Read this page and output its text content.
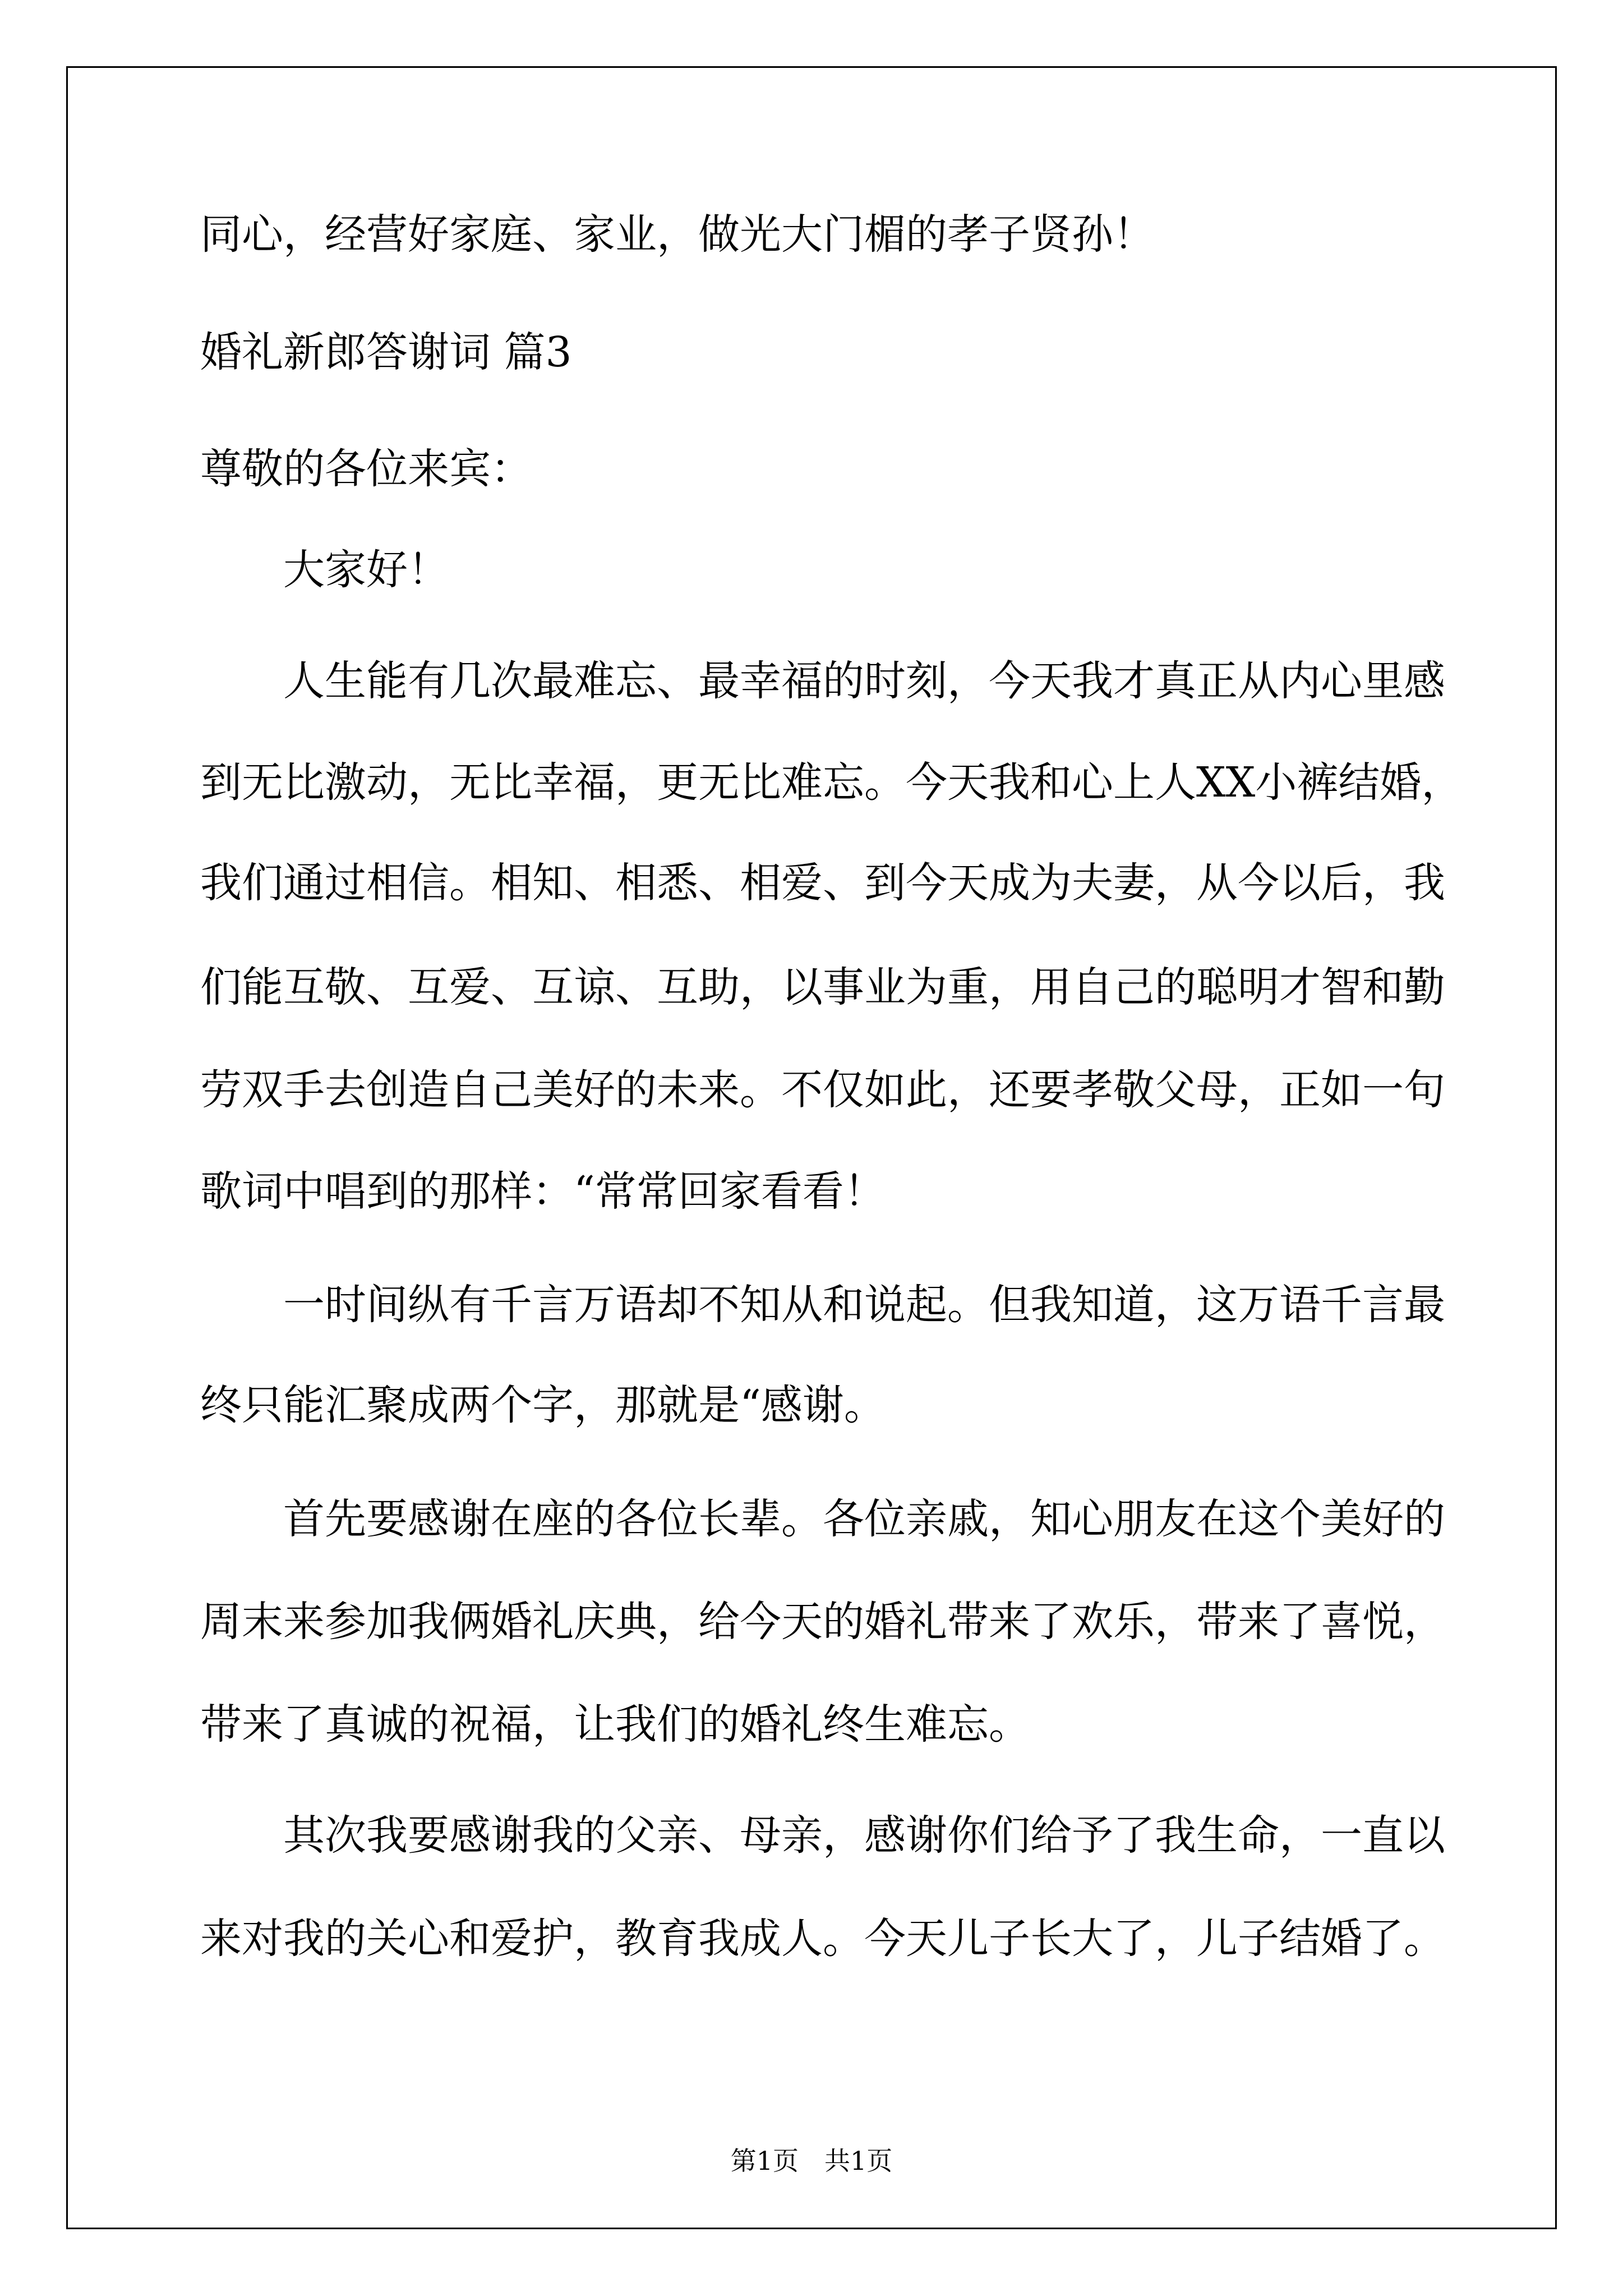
同心，经营好家庭、家业，做光大门楣的孝子贤孙！

婚礼新郎答谢词 篇3

尊敬的各位来宾：

大家好！

人生能有几次最难忘、最幸福的时刻，今天我才真正从内心里感

到无比激动，无比幸福，更无比难忘。今天我和心上人XX小裤结婚，

我们通过相信。相知、相悉、相爱、到今天成为夫妻，从今以后，我

们能互敬、互爱、互谅、互助，以事业为重，用自己的聪明才智和勤

劳双手去创造自己美好的未来。不仅如此，还要孝敬父母，正如一句

歌词中唱到的那样：“常常回家看看！

一时间纵有千言万语却不知从和说起。但我知道，这万语千言最

终只能汇聚成两个字，那就是“感谢。

首先要感谢在座的各位长辈。各位亲戚，知心朋友在这个美好的

周末来参加我俩婚礼庆典，给今天的婚礼带来了欢乐，带来了喜悦，

带来了真诚的祝福，让我们的婚礼终生难忘。

其次我要感谢我的父亲、母亲，感谢你们给予了我生命，一直以

来对我的关心和爱护，教育我成人。今天儿子长大了，儿子结婚了。

第1页　共1页
